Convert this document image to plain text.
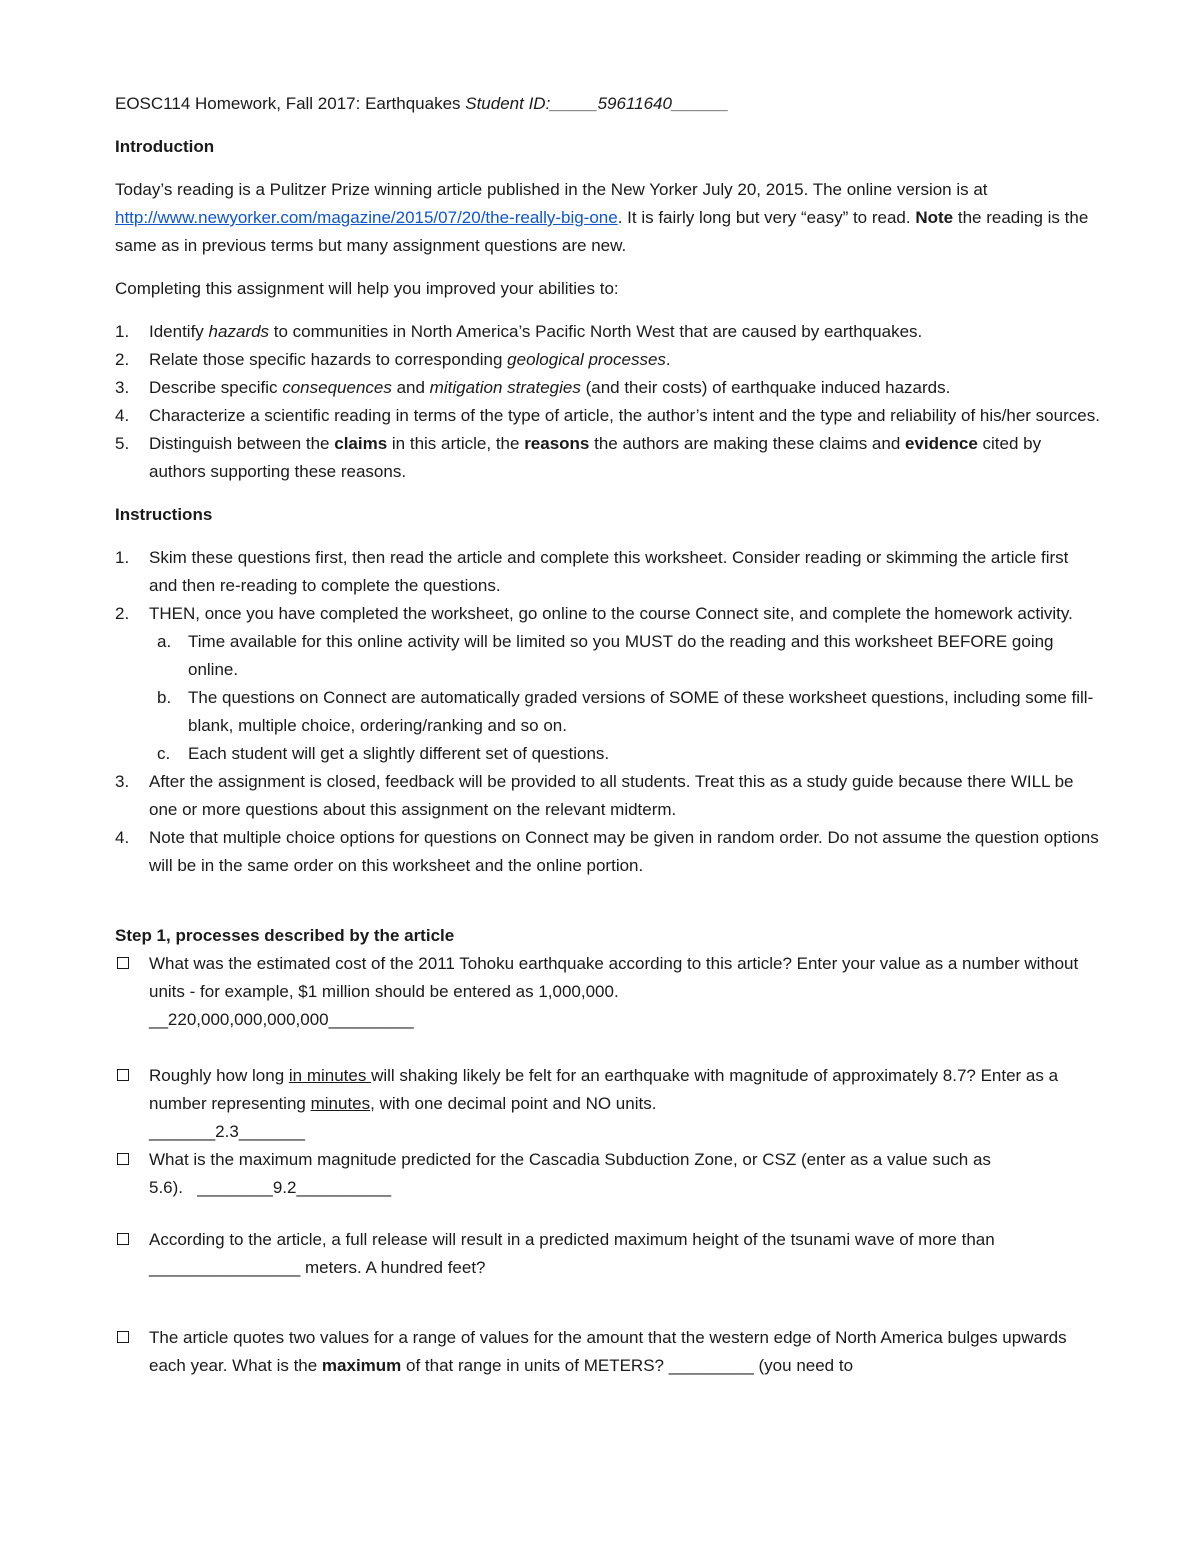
EOSC114 Homework, Fall 2017: Earthquakes Student ID:_____59611640______

Introduction

Today’s reading is a Pulitzer Prize winning article published in the New Yorker July 20, 2015. The online version is at http://www.newyorker.com/magazine/2015/07/20/the-really-big-one. It is fairly long but very “easy” to read. Note the reading is the same as in previous terms but many assignment questions are new.

Completing this assignment will help you improved your abilities to:

1. Identify hazards to communities in North America’s Pacific North West that are caused by earthquakes.
2. Relate those specific hazards to corresponding geological processes.
3. Describe specific consequences and mitigation strategies (and their costs) of earthquake induced hazards.
4. Characterize a scientific reading in terms of the type of article, the author’s intent and the type and reliability of his/her sources.
5. Distinguish between the claims in this article, the reasons the authors are making these claims and evidence cited by authors supporting these reasons.

Instructions

1. Skim these questions first, then read the article and complete this worksheet. Consider reading or skimming the article first and then re-reading to complete the questions.
2. THEN, once you have completed the worksheet, go online to the course Connect site, and complete the homework activity.
a. Time available for this online activity will be limited so you MUST do the reading and this worksheet BEFORE going online.
b. The questions on Connect are automatically graded versions of SOME of these worksheet questions, including some fill-blank, multiple choice, ordering/ranking and so on.
c. Each student will get a slightly different set of questions.
3. After the assignment is closed, feedback will be provided to all students. Treat this as a study guide because there WILL be one or more questions about this assignment on the relevant midterm.
4. Note that multiple choice options for questions on Connect may be given in random order. Do not assume the question options will be in the same order on this worksheet and the online portion.

Step 1, processes described by the article

What was the estimated cost of the 2011 Tohoku earthquake according to this article? Enter your value as a number without units - for example, $1 million should be entered as 1,000,000.
__220,000,000,000,000_________
Roughly how long in minutes will shaking likely be felt for an earthquake with magnitude of approximately 8.7? Enter as a number representing minutes, with one decimal point and NO units.
_______2.3_______
What is the maximum magnitude predicted for the Cascadia Subduction Zone, or CSZ (enter as a value such as 5.6). ________9.2__________
According to the article, a full release will result in a predicted maximum height of the tsunami wave of more than ________________ meters. A hundred feet?
The article quotes two values for a range of values for the amount that the western edge of North America bulges upwards each year. What is the maximum of that range in units of METERS? _________ (you need to
